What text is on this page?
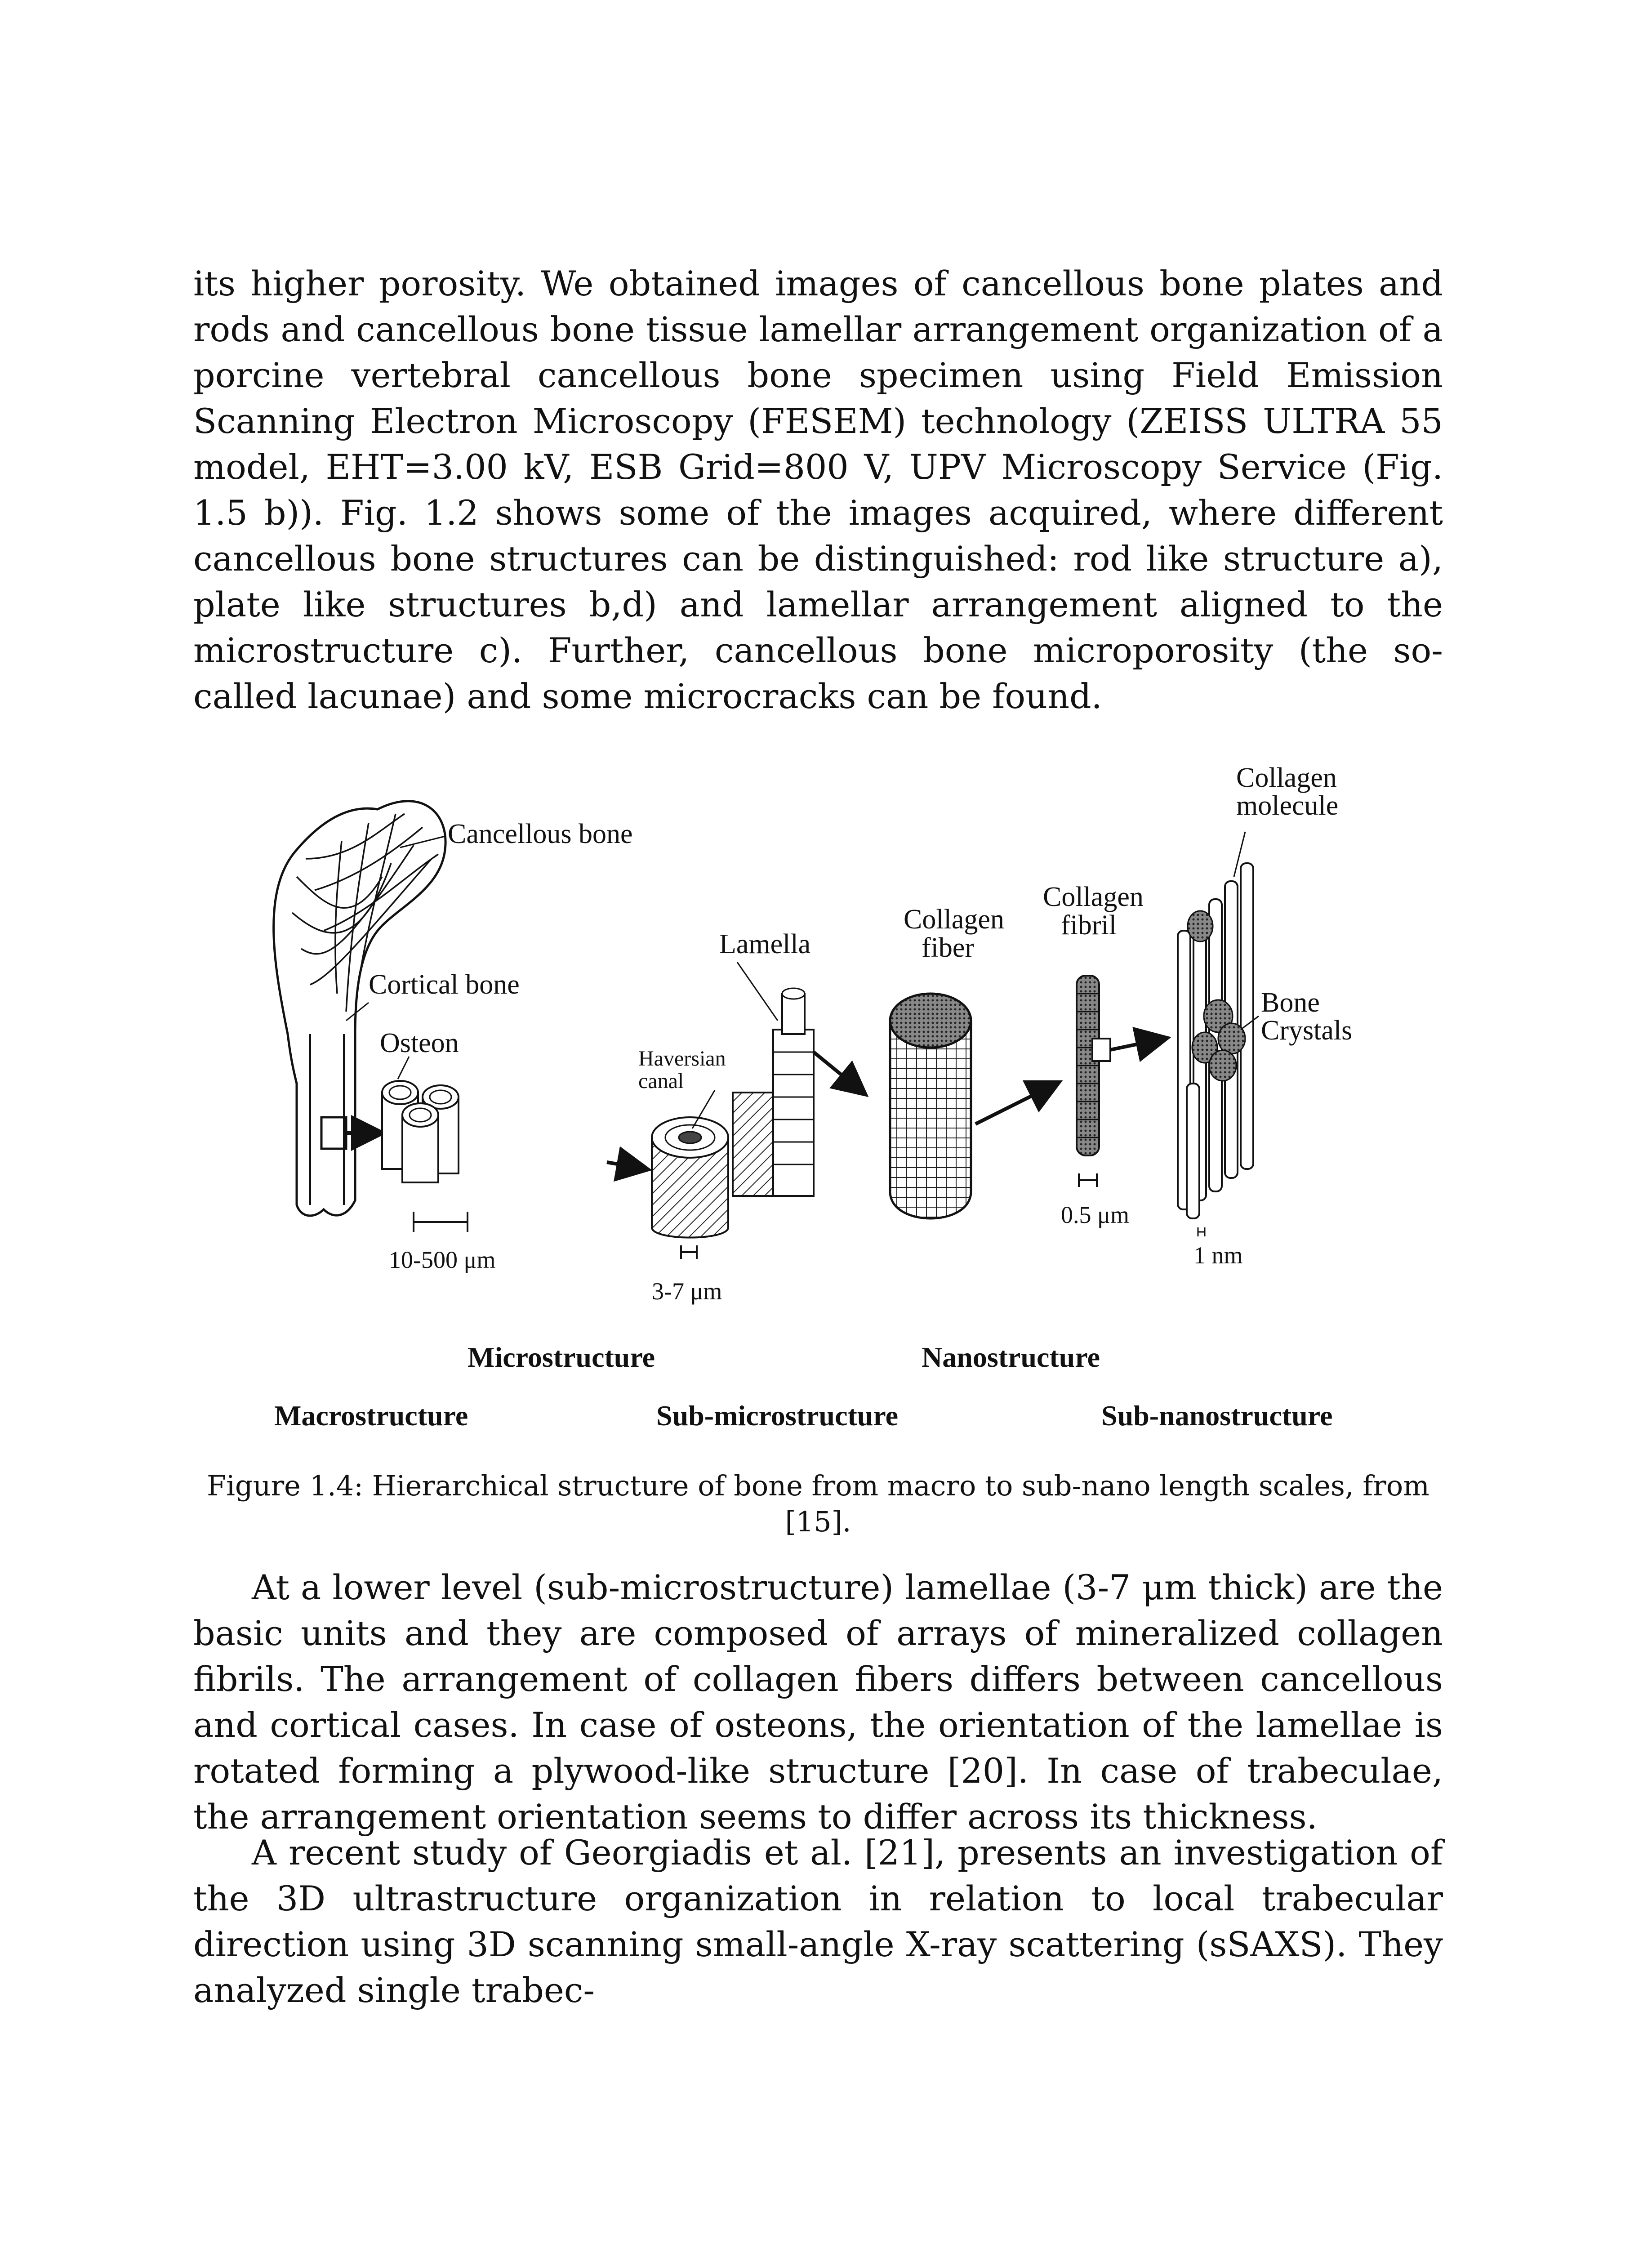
its higher porosity. We obtained images of cancellous bone plates and rods and cancellous bone tissue lamellar arrangement organization of a porcine vertebral cancellous bone specimen using Field Emission Scanning Electron Microscopy (FESEM) technology (ZEISS ULTRA 55 model, EHT=3.00 kV, ESB Grid=800 V, UPV Microscopy Service (Fig. 1.5 b)). Fig. 1.2 shows some of the images acquired, where different cancellous bone structures can be distinguished: rod like structure a), plate like structures b,d) and lamellar arrangement aligned to the microstructure c). Further, cancellous bone microporosity (the so-called lacunae) and some microcracks can be found.

Cancellous bone
Cortical bone
Osteon
10-500 μm
Lamella
Haversian
canal
3-7 μm
Collagen
fiber
Collagen
fibril
0.5 μm
Collagen
molecule
Bone
Crystals
1 nm
Microstructure	Nanostructure
Macrostructure	Sub-microstructure	Sub-nanostructure
Figure 1.4: Hierarchical structure of bone from macro to sub-nano length scales, from [15].

At a lower level (sub-microstructure) lamellae (3-7 μm thick) are the basic units and they are composed of arrays of mineralized collagen fibrils. The arrangement of collagen fibers differs between cancellous and cortical cases. In case of osteons, the orientation of the lamellae is rotated forming a plywood-like structure [20]. In case of trabeculae, the arrangement orientation seems to differ across its thickness.

A recent study of Georgiadis et al. [21], presents an investigation of the 3D ultrastructure organization in relation to local trabecular direction using 3D scanning small-angle X-ray scattering (sSAXS). They analyzed single trabec-
